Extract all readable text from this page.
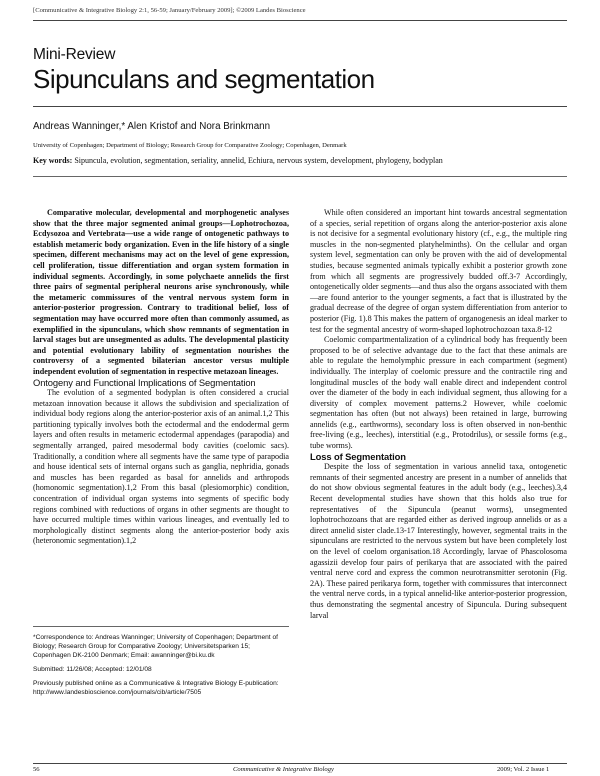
[Communicative & Integrative Biology 2:1, 56-59; January/February 2009]; ©2009 Landes Bioscience
Mini-Review
Sipunculans and segmentation
Andreas Wanninger,* Alen Kristof and Nora Brinkmann
University of Copenhagen; Department of Biology; Research Group for Comparative Zoology; Copenhagen, Denmark
Key words: Sipuncula, evolution, segmentation, seriality, annelid, Echiura, nervous system, development, phylogeny, bodyplan

Comparative molecular, developmental and morphogenetic analyses show that the three major segmented animal groups—Lophotrochozoa, Ecdysozoa and Vertebrata—use a wide range of ontogenetic pathways to establish metameric body organization. Even in the life history of a single specimen, different mechanisms may act on the level of gene expression, cell proliferation, tissue differentiation and organ system formation in individual segments. Accordingly, in some polychaete annelids the first three pairs of segmental peripheral neurons arise synchronously, while the metameric commissures of the ventral nervous system form in anterior-posterior progression. Contrary to traditional belief, loss of segmentation may have occurred more often than commonly assumed, as exemplified in the sipunculans, which show remnants of segmentation in larval stages but are unsegmented as adults. The developmental plasticity and potential evolutionary lability of segmentation nourishes the controversy of a segmented bilaterian ancestor versus multiple independent evolution of segmentation in respective metazoan lineages.

Ontogeny and Functional Implications of Segmentation

The evolution of a segmented bodyplan is often considered a crucial metazoan innovation because it allows the subdivision and specialization of individual body regions along the anterior-posterior axis of an animal.1,2 This partitioning typically involves both the ectodermal and the endodermal germ layers and often results in metameric ectodermal appendages (parapodia) and segmentally arranged, paired mesodermal body cavities (coelomic sacs). Traditionally, a condition where all segments have the same type of parapodia and house identical sets of internal organs such as ganglia, nephridia, gonads and muscles has been regarded as basal for annelids and arthropods (homonomic segmentation).1,2 From this basal (plesiomorphic) condition, concentration of individual organ systems into segments of specific body regions combined with reductions of organs in other segments are thought to have occurred multiple times within various lineages, and eventually led to morphologically distinct segments along the anterior-posterior body axis (heteronomic segmentation).1,2

While often considered an important hint towards ancestral segmentation of a species, serial repetition of organs along the anterior-posterior axis alone is not decisive for a segmental evolutionary history (cf., e.g., the multiple ring muscles in the non-segmented platyhelminths). On the cellular and organ system level, segmentation can only be proven with the aid of developmental studies, because segmented animals typically exhibit a posterior growth zone from which all segments are progressively budded off.3-7 Accordingly, ontogenetically older segments—and thus also the organs associated with them—are found anterior to the younger segments, a fact that is illustrated by the gradual decrease of the degree of organ system differentiation from anterior to posterior (Fig. 1).8 This makes the pattern of organogenesis an ideal marker to test for the segmental ancestry of worm-shaped lophotrochozoan taxa.8-12

Coelomic compartmentalization of a cylindrical body has frequently been proposed to be of selective advantage due to the fact that these animals are able to regulate the hemolymphic pressure in each compartment (segment) individually. The interplay of coelomic pressure and the contractile ring and longitudinal muscles of the body wall enable direct and independent control over the diameter of the body in each individual segment, thus allowing for a diversity of complex movement patterns.2 However, while coelomic segmentation has often (but not always) been retained in large, burrowing annelids (e.g., earthworms), secondary loss is often observed in non-benthic free-living (e.g., leeches), interstitial (e.g., Protodrilus), or sessile forms (e.g., tube worms).

Loss of Segmentation

Despite the loss of segmentation in various annelid taxa, ontogenetic remnants of their segmented ancestry are present in a number of annelids that do not show obvious segmental features in the adult body (e.g., leeches).3,4 Recent developmental studies have shown that this holds also true for representatives of the Sipuncula (peanut worms), unsegmented lophotrochozoans that are regarded either as derived ingroup annelids or as a direct annelid sister clade.13-17 Interestingly, however, segmental traits in the sipunculans are restricted to the nervous system but have been completely lost on the level of coelom organisation.18 Accordingly, larvae of Phascolosoma agassizii develop four pairs of perikarya that are associated with the paired ventral nerve cord and express the common neurotransmitter serotonin (Fig. 2A). These paired perikarya form, together with commissures that interconnect the ventral nerve cords, in a typical annelid-like anterior-posterior progression, thus demonstrating the segmental ancestry of Sipuncula. During subsequent larval

*Correspondence to: Andreas Wanninger; University of Copenhagen; Department of Biology; Research Group for Comparative Zoology; Universitetsparken 15; Copenhagen DK-2100 Denmark; Email: awanninger@bi.ku.dk

Submitted: 11/26/08; Accepted: 12/01/08

Previously published online as a Communicative & Integrative Biology E-publication: http://www.landesbioscience.com/journals/cib/article/7505

56	Communicative & Integrative Biology	2009; Vol. 2 Issue 1
